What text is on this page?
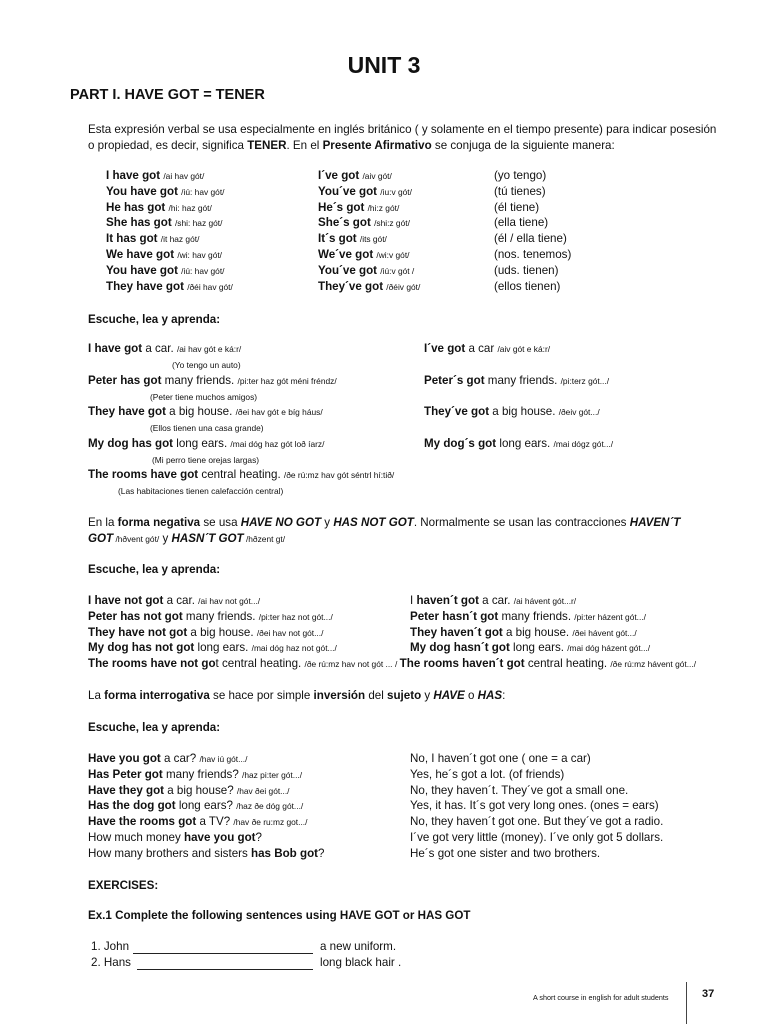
UNIT 3
PART I. HAVE GOT = TENER
Esta expresión verbal se usa especialmente en inglés británico ( y solamente en el tiempo presente) para indicar posesión
o propiedad, es decir, significa TENER. En el Presente Afirmativo se conjuga de la siguiente manera:
I have got /ai hav gót/	I´ve got /aiv gót/	(yo tengo)
You have got /iú: hav gót/	You´ve got /iu:v gót/	(tú tienes)
He has got /hi: haz gót/	He´s got /hi:z gót/	(él tiene)
She has got /shi: haz gót/	She´s got /shi:z gót/	(ella tiene)
It has got /it haz gót/	It´s got /its gót/	(él / ella tiene)
We have got /wi: hav gót/	We´ve got /wi:v gót/	(nos. tenemos)
You have got /iú: hav gót/	You´ve got /iú:v gót /	(uds. tienen)
They have got /ðéi hav gót/	They´ve got /ðéiv gót/	(ellos tienen)
Escuche, lea y aprenda:
I have got a car. /ai hav gót e ká:r/
(Yo tengo un auto)
I´ve got a car /aiv gót e ká:r/
Peter has got many friends. /pi:ter haz gót méni fréndz/
(Peter tiene muchos amigos)
Peter´s got many friends. /pi:terz gót.../
They have got a big house. /ðei hav gót e bíg háus/
(Ellos tienen una casa grande)
They´ve got a big house. /ðeiv gót.../
My dog has got long ears. /mai dóg haz gót loð íarz/
(Mi perro tiene orejas largas)
My dog´s got long ears. /mai dógz gót.../
The rooms have got central heating. /ðe rú:mz hav gót séntrl hí:tið/
(Las habitaciones tienen calefacción central)
En la forma negativa se usa HAVE NO GOT y HAS NOT GOT. Normalmente se usan las contracciones HAVEN´T
GOT /hðvent gót/ y HASN´T GOT /hðzent gt/
Escuche, lea y aprenda:
I have not got a car. /ai hav not gót.../	I haven´t got a car. /ai hávent gót...r/
Peter has not got many friends. /pi:ter haz not gót.../	Peter hasn´t got many friends. /pi:ter házent gót.../
They have not got a big house. /ðei hav not gót.../	They haven´t got a big house. /ðei hávent gót.../
My dog has not got long ears. /mai dóg haz not gót.../	My dog hasn´t got long ears. /mai dóg házent gót.../
The rooms have not got central heating. /ðe rú:mz hav not gót ... / The rooms haven´t got central heating. /ðe rú:mz hávent gót.../
La forma interrogativa se hace por simple inversión del sujeto y HAVE o HAS:
Escuche, lea y aprenda:
Have you got a car? /hav iú gót.../	No, I haven´t got one ( one = a car)
Has Peter got many friends? /haz pi:ter gót.../	Yes, he´s got a lot. (of friends)
Have they got a big house? /hav ðei gót.../	No, they haven´t. They´ve got a small one.
Has the dog got long ears? /haz ðe dóg gót.../	Yes, it has. It´s got very long ones. (ones = ears)
Have the rooms got a TV? /hav ðe ru:mz got.../	No, they haven´t got one. But they´ve got a radio.
How much money have you got?	I´ve got very little (money). I´ve only got 5 dollars.
How many brothers and sisters has Bob got?	He´s got one sister and two brothers.
EXERCISES:
Ex.1 Complete the following sentences using HAVE GOT or HAS GOT
1. John	a new uniform.
2. Hans	long black hair .
A short course in english for adult students	37
